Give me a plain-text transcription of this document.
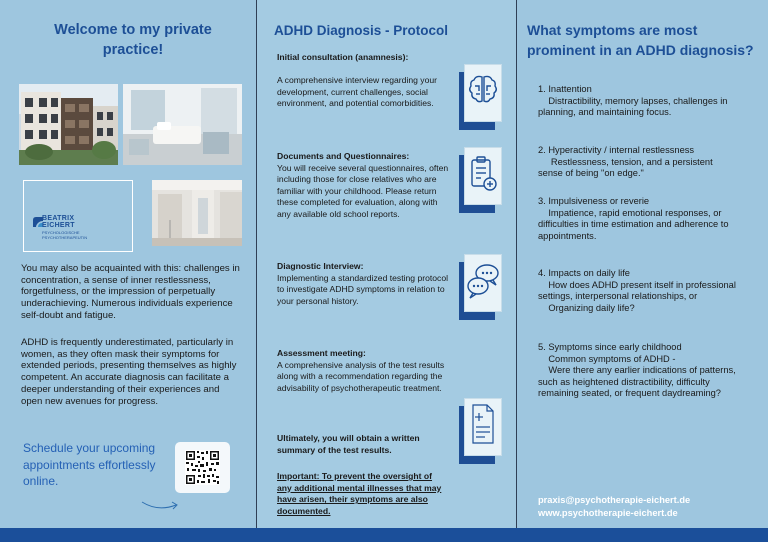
Welcome to my private practice!
BEATRIX
EICHERT
PSYCHOLOGISCHE
PSYCHOTHERAPEUTIN

You may also be acquainted with this: challenges in concentration, a sense of inner restlessness, forgetfulness, or the impression of perpetually underachieving. Numerous individuals experience self-doubt and fatigue.

ADHD is frequently underestimated, particularly in women, as they often mask their symptoms for extended periods, presenting themselves as highly competent. An accurate diagnosis can facilitate a deeper understanding of their experiences and open new avenues for progress.

Schedule your upcoming appointments effortlessly online.

ADHD Diagnosis - Protocol

Initial consultation (anamnesis):

A comprehensive interview regarding your development, current challenges, social environment, and potential comorbidities.

Documents and Questionnaires:
You will receive several questionnaires, often including those for close relatives who are familiar with your childhood. Please return these completed for evaluation, along with any available old school reports.

Diagnostic Interview:
Implementing a standardized testing protocol to investigate ADHD symptoms in relation to your personal history.

Assessment meeting:
A comprehensive analysis of the test results along with a recommendation regarding the advisability of psychotherapeutic treatment.

Ultimately, you will obtain a written summary of the test results.

Important: To prevent the oversight of any additional mental illnesses that may have arisen, their symptoms are also documented.

What symptoms are most prominent in an ADHD diagnosis?

1. Inattention
Distractibility, memory lapses, challenges in planning, and maintaining focus.

2. Hyperactivity / internal restlessness
Restlessness, tension, and a persistent sense of being "on edge."

3. Impulsiveness or reverie
Impatience, rapid emotional responses, or difficulties in time estimation and adherence to appointments.

4. Impacts on daily life
How does ADHD present itself in professional settings, interpersonal relationships, or
Organizing daily life?

5. Symptoms since early childhood
Common symptoms of ADHD -
Were there any earlier indications of patterns, such as heightened distractibility, difficulty remaining seated, or frequent daydreaming?

praxis@psychotherapie-eichert.de

www.psychotherapie-eichert.de
